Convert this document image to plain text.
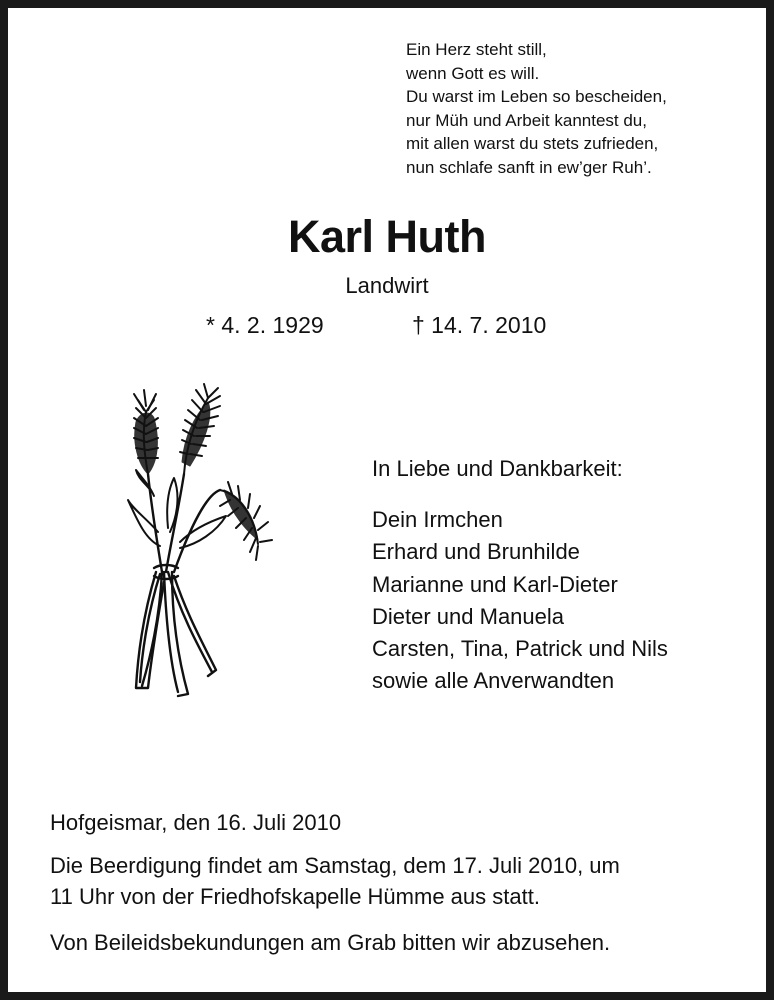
Ein Herz steht still,
wenn Gott es will.
Du warst im Leben so bescheiden,
nur Müh und Arbeit kanntest du,
mit allen warst du stets zufrieden,
nun schlafe sanft in ew’ger Ruh’.
Karl Huth
Landwirt
* 4. 2. 1929	† 14. 7. 2010
In Liebe und Dankbarkeit:
Dein Irmchen
Erhard und Brunhilde
Marianne und Karl-Dieter
Dieter und Manuela
Carsten, Tina, Patrick und Nils
sowie alle Anverwandten
Hofgeismar, den 16. Juli 2010
Die Beerdigung findet am Samstag, dem 17. Juli 2010, um
11 Uhr von der Friedhofskapelle Hümme aus statt.
Von Beileidsbekundungen am Grab bitten wir abzusehen.
